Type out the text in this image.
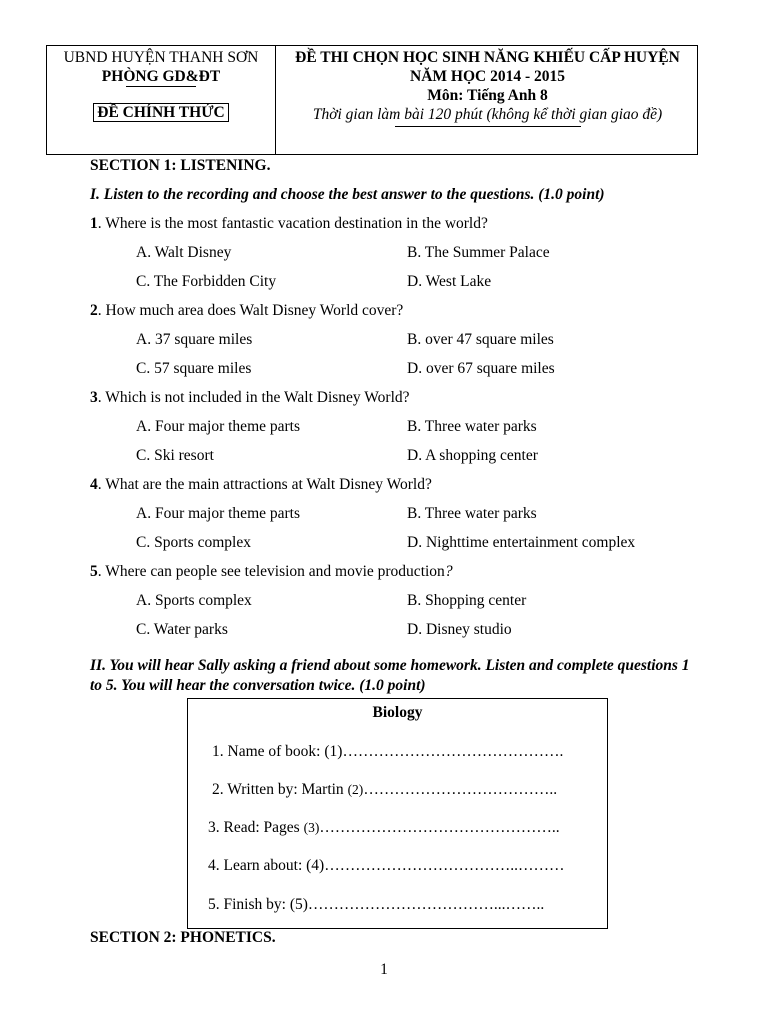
UBND HUYỆN THANH SƠN
PHÒNG GD&ĐT
ĐỀ CHÍNH THỨC
ĐỀ THI CHỌN HỌC SINH NĂNG KHIẾU CẤP HUYỆN
NĂM HỌC 2014 - 2015
Môn: Tiếng Anh 8
Thời gian làm bài 120 phút (không kể thời gian giao đề)
SECTION 1: LISTENING.
I. Listen to the recording and choose the best answer to the questions. (1.0 point)
1. Where is the most fantastic vacation destination in the world?
A. Walt Disney	B. The Summer Palace
C. The Forbidden City	D. West Lake
2. How much area does Walt Disney World cover?
A. 37 square miles	B. over 47 square miles
C. 57 square miles	D. over 67 square miles
3. Which is not included in the Walt Disney World?
A. Four major theme parts	B. Three water parks
C. Ski resort	D. A shopping center
4. What are the main attractions at Walt Disney World?
A. Four major theme parts	B. Three water parks
C. Sports complex	D. Nighttime entertainment complex
5. Where can people see television and movie production?
A. Sports complex	B. Shopping center
C. Water parks	D. Disney studio
II. You will hear Sally asking a friend about some homework. Listen and complete questions 1
to 5. You will hear the conversation twice. (1.0 point)
Biology
1. Name of book: (1)…………………………………….
2. Written by: Martin (2)………………………………..
3. Read: Pages (3)………………………………………..
4. Learn about: (4)………………………………..………
5. Finish by: (5)………………………………...……..
SECTION 2: PHONETICS.
1
